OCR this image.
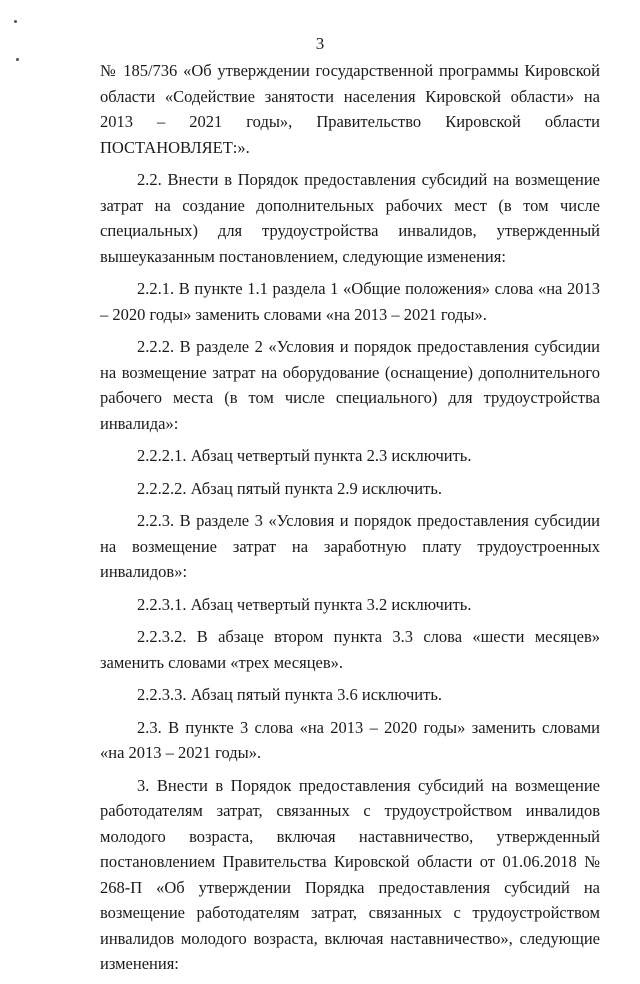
3

№ 185/736 «Об утверждении государственной программы Кировской области «Содействие занятости населения Кировской области» на 2013 – 2021 годы», Правительство Кировской области ПОСТАНОВЛЯЕТ:».

2.2. Внести в Порядок предоставления субсидий на возмещение затрат на создание дополнительных рабочих мест (в том числе специальных) для трудоустройства инвалидов, утвержденный вышеуказанным постановлением, следующие изменения:

2.2.1. В пункте 1.1 раздела 1 «Общие положения» слова «на 2013 – 2020 годы» заменить словами «на 2013 – 2021 годы».

2.2.2. В разделе 2 «Условия и порядок предоставления субсидии на возмещение затрат на оборудование (оснащение) дополнительного рабочего места (в том числе специального) для трудоустройства инвалида»:

2.2.2.1. Абзац четвертый пункта 2.3 исключить.

2.2.2.2. Абзац пятый пункта 2.9 исключить.

2.2.3. В разделе 3 «Условия и порядок предоставления субсидии на возмещение затрат на заработную плату трудоустроенных инвалидов»:

2.2.3.1. Абзац четвертый пункта 3.2 исключить.

2.2.3.2. В абзаце втором пункта 3.3 слова «шести месяцев» заменить словами «трех месяцев».

2.2.3.3. Абзац пятый пункта 3.6 исключить.

2.3. В пункте 3 слова «на 2013 – 2020 годы» заменить словами «на 2013 – 2021 годы».

3. Внести в Порядок предоставления субсидий на возмещение работодателям затрат, связанных с трудоустройством инвалидов молодого возраста, включая наставничество, утвержденный постановлением Правительства Кировской области от 01.06.2018 № 268-П «Об утверждении Порядка предоставления субсидий на возмещение работодателям затрат, связанных с трудоустройством инвалидов молодого возраста, включая наставничество», следующие изменения:
